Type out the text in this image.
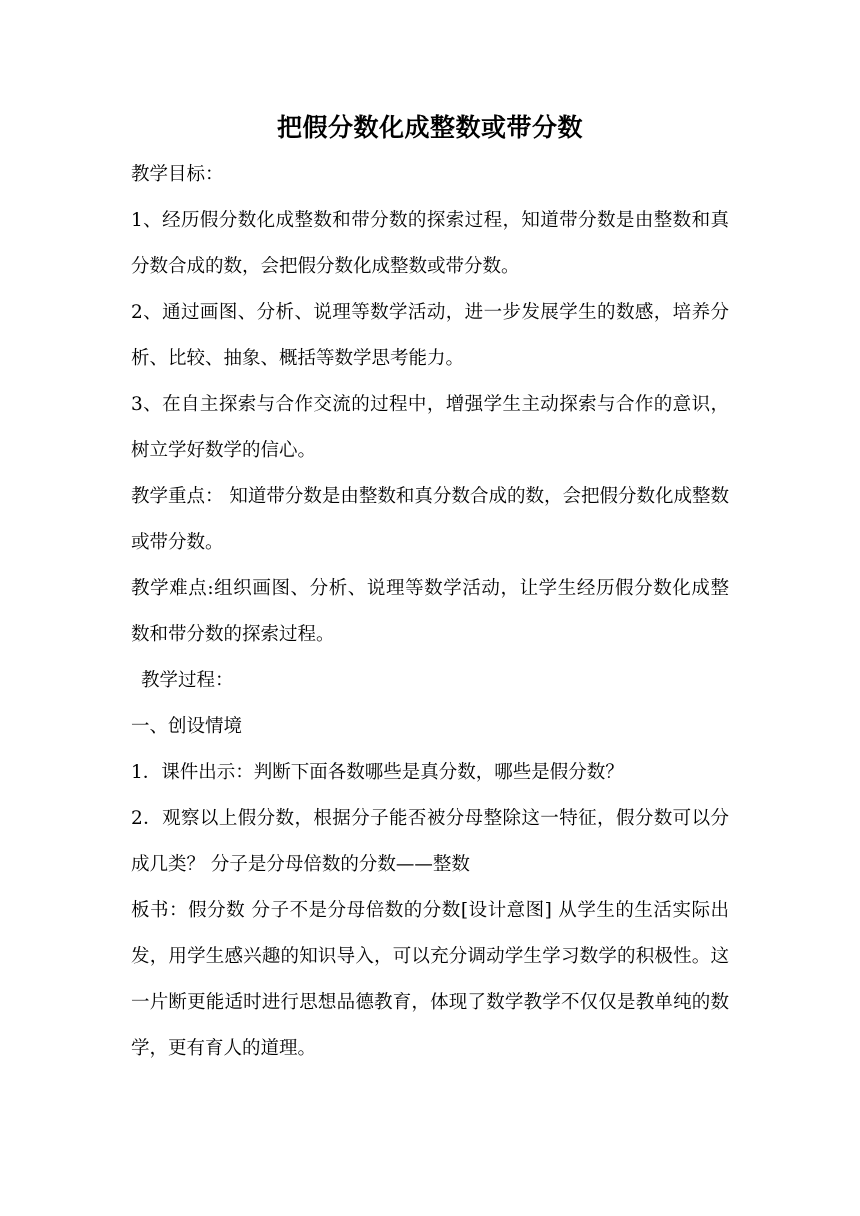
把假分数化成整数或带分数

教学目标：

1、经历假分数化成整数和带分数的探索过程，知道带分数是由整数和真分数合成的数，会把假分数化成整数或带分数。

2、通过画图、分析、说理等数学活动，进一步发展学生的数感，培养分析、比较、抽象、概括等数学思考能力。

3、在自主探索与合作交流的过程中，增强学生主动探索与合作的意识，树立学好数学的信心。

教学重点： 知道带分数是由整数和真分数合成的数，会把假分数化成整数或带分数。

教学难点:组织画图、分析、说理等数学活动，让学生经历假分数化成整数和带分数的探索过程。

教学过程：

一、创设情境

1．课件出示：判断下面各数哪些是真分数，哪些是假分数？

2．观察以上假分数，根据分子能否被分母整除这一特征，假分数可以分成几类？ 分子是分母倍数的分数——整数

板书：假分数 分子不是分母倍数的分数[设计意图] 从学生的生活实际出发，用学生感兴趣的知识导入，可以充分调动学生学习数学的积极性。这一片断更能适时进行思想品德教育，体现了数学教学不仅仅是教单纯的数学，更有育人的道理。
